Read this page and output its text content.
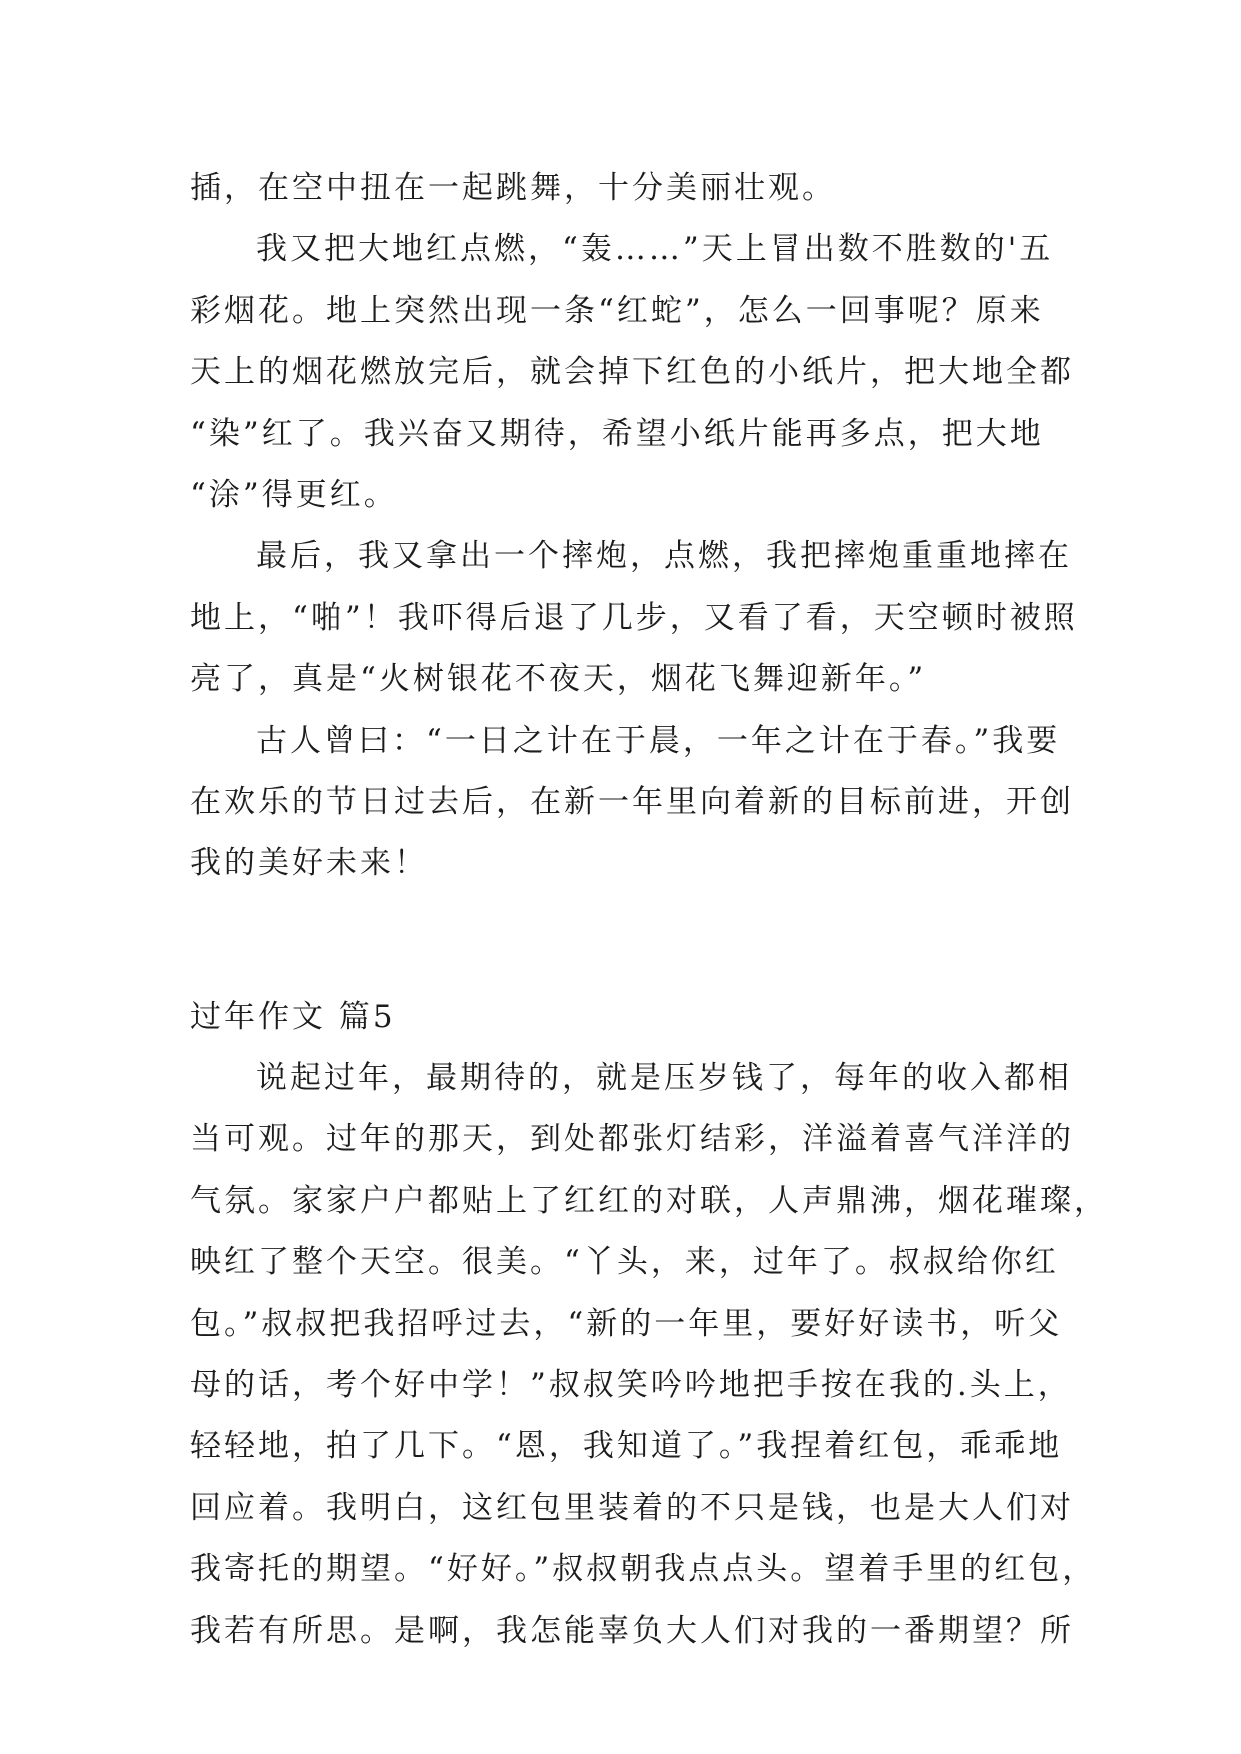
插，在空中扭在一起跳舞，十分美丽壮观。
我又把大地红点燃，“轰……”天上冒出数不胜数的'五
彩烟花。地上突然出现一条“红蛇”，怎么一回事呢？原来
天上的烟花燃放完后，就会掉下红色的小纸片，把大地全都
“染”红了。我兴奋又期待，希望小纸片能再多点，把大地
“涂”得更红。
最后，我又拿出一个摔炮，点燃，我把摔炮重重地摔在
地上，“啪”！我吓得后退了几步，又看了看，天空顿时被照
亮了，真是“火树银花不夜天，烟花飞舞迎新年。”
古人曾曰：“一日之计在于晨，一年之计在于春。”我要
在欢乐的节日过去后，在新一年里向着新的目标前进，开创
我的美好未来！
过年作文 篇5
说起过年，最期待的，就是压岁钱了，每年的收入都相
当可观。过年的那天，到处都张灯结彩，洋溢着喜气洋洋的
气氛。家家户户都贴上了红红的对联，人声鼎沸，烟花璀璨，
映红了整个天空。很美。“丫头，来，过年了。叔叔给你红
包。”叔叔把我招呼过去，“新的一年里，要好好读书，听父
母的话，考个好中学！”叔叔笑吟吟地把手按在我的.头上，
轻轻地，拍了几下。“恩，我知道了。”我捏着红包，乖乖地
回应着。我明白，这红包里装着的不只是钱，也是大人们对
我寄托的期望。“好好。”叔叔朝我点点头。望着手里的红包，
我若有所思。是啊，我怎能辜负大人们对我的一番期望？所
